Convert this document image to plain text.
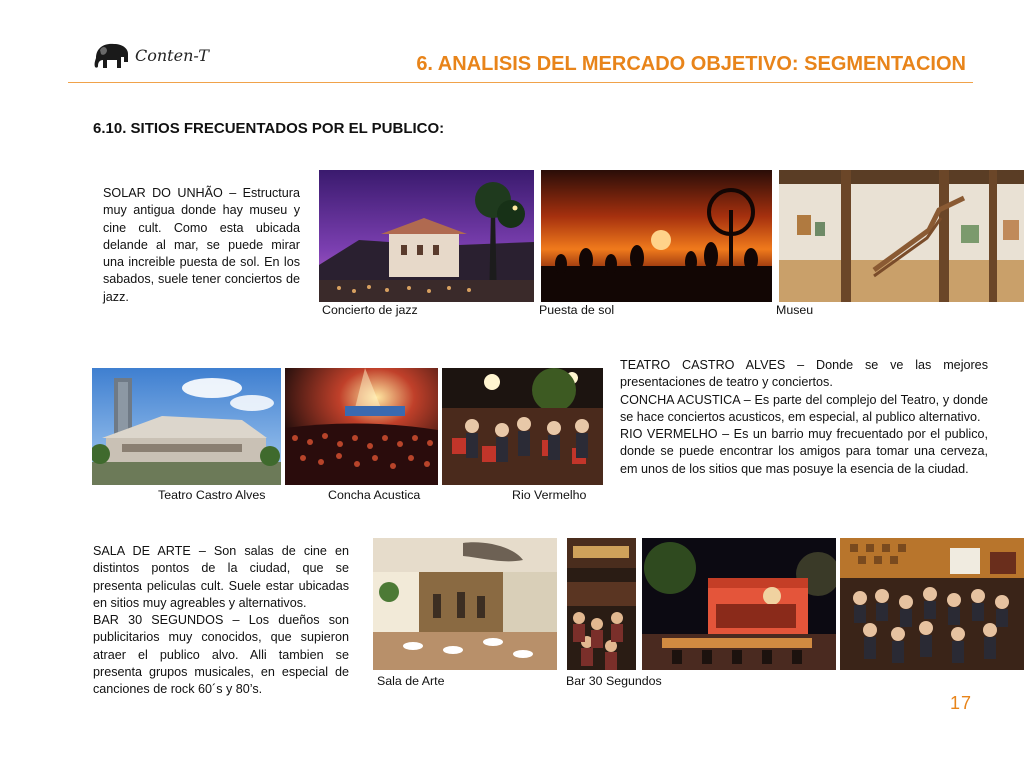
Conten-T	6. ANALISIS DEL MERCADO OBJETIVO: SEGMENTACION
6.10. SITIOS FRECUENTADOS POR EL PUBLICO:

SOLAR DO UNHÃO – Estructura muy antigua donde hay museu y cine cult. Como esta ubicada delande al mar, se puede mirar una increible puesta de sol. En los sabados, suele tener conciertos de jazz.

Concierto de jazz	Puesta de sol	Museu
Teatro Castro Alves	Concha Acustica	Rio Vermelho

TEATRO CASTRO ALVES – Donde se ve las mejores presentaciones de teatro y conciertos.

CONCHA ACUSTICA – Es parte del complejo del Teatro, y donde se hace conciertos acusticos, em especial, al publico alternativo.

RIO VERMELHO – Es un barrio muy frecuentado por el publico, donde se puede encontrar los amigos para tomar una cerveza, em unos de los sitios que mas posuye la esencia de la ciudad.

SALA DE ARTE – Son salas de cine en distintos pontos de la ciudad, que se presenta peliculas cult. Suele estar ubicadas en sitios muy agreables y alternativos.

BAR 30 SEGUNDOS – Los dueños son publicitarios muy conocidos, que supieron atraer el publico alvo. Alli tambien se presenta grupos musicales, en especial de canciones de rock 60´s y 80’s.

Sala de Arte	Bar 30 Segundos
17
